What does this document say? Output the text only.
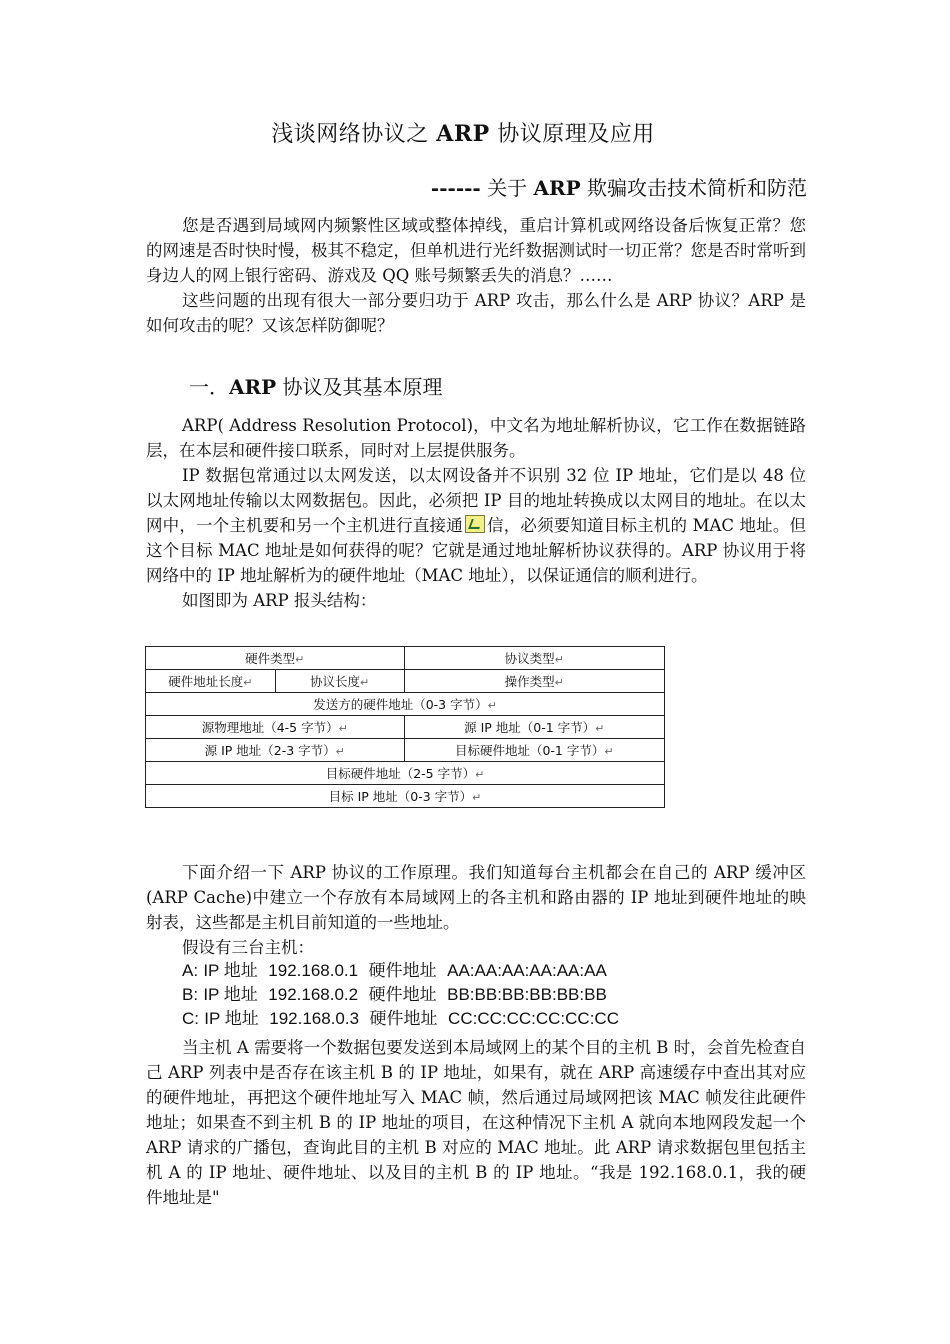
浅谈网络协议之 ARP 协议原理及应用
------ 关于 ARP 欺骗攻击技术简析和防范

您是否遇到局域网内频繁性区域或整体掉线，重启计算机或网络设备后恢复正常？您的网速是否时快时慢，极其不稳定，但单机进行光纤数据测试时一切正常？您是否时常听到身边人的网上银行密码、游戏及 QQ 账号频繁丢失的消息？……

这些问题的出现有很大一部分要归功于 ARP 攻击，那么什么是 ARP 协议？ARP 是如何攻击的呢？又该怎样防御呢？

一．ARP 协议及其基本原理

ARP( Address Resolution Protocol)，中文名为地址解析协议，它工作在数据链路层，在本层和硬件接口联系，同时对上层提供服务。

IP 数据包常通过以太网发送，以太网设备并不识别 32 位 IP 地址，它们是以 48 位以太网地址传输以太网数据包。因此，必须把 IP 目的地址转换成以太网目的地址。在以太网中，一个主机要和另一个主机进行直接通 信，必须要知道目标主机的 MAC 地址。但这个目标 MAC 地址是如何获得的呢？它就是通过地址解析协议获得的。ARP 协议用于将网络中的 IP 地址解析为的硬件地址（MAC 地址），以保证通信的顺利进行。

如图即为 ARP 报头结构：

硬件类型↵		协议类型↵
硬件地址长度↵	协议长度↵	操作类型↵
发送方的硬件地址（0-3 字节）↵		
源物理地址（4-5 字节）↵		源 IP 地址（0-1 字节）↵
源 IP 地址（2-3 字节）↵		目标硬件地址（0-1 字节）↵
目标硬件地址（2-5 字节）↵		
目标 IP 地址（0-3 字节）↵		

下面介绍一下 ARP 协议的工作原理。我们知道每台主机都会在自己的 ARP 缓冲区 (ARP Cache)中建立一个存放有本局域网上的各主机和路由器的 IP 地址到硬件地址的映射表，这些都是主机目前知道的一些地址。

假设有三台主机：

A: IP 地址 192.168.0.1 硬件地址 AA:AA:AA:AA:AA:AA
B: IP 地址 192.168.0.2 硬件地址 BB:BB:BB:BB:BB:BB
C: IP 地址 192.168.0.3 硬件地址 CC:CC:CC:CC:CC:CC

当主机 A 需要将一个数据包要发送到本局域网上的某个目的主机 B 时，会首先检查自己 ARP 列表中是否存在该主机 B 的 IP 地址，如果有，就在 ARP 高速缓存中查出其对应的硬件地址，再把这个硬件地址写入 MAC 帧，然后通过局域网把该 MAC 帧发往此硬件地址；如果查不到主机 B 的 IP 地址的项目，在这种情况下主机 A 就向本地网段发起一个 ARP 请求的广播包，查询此目的主机 B 对应的 MAC 地址。此 ARP 请求数据包里包括主机 A 的 IP 地址、硬件地址、以及目的主机 B 的 IP 地址。“我是 192.168.0.1，我的硬件地址是"
